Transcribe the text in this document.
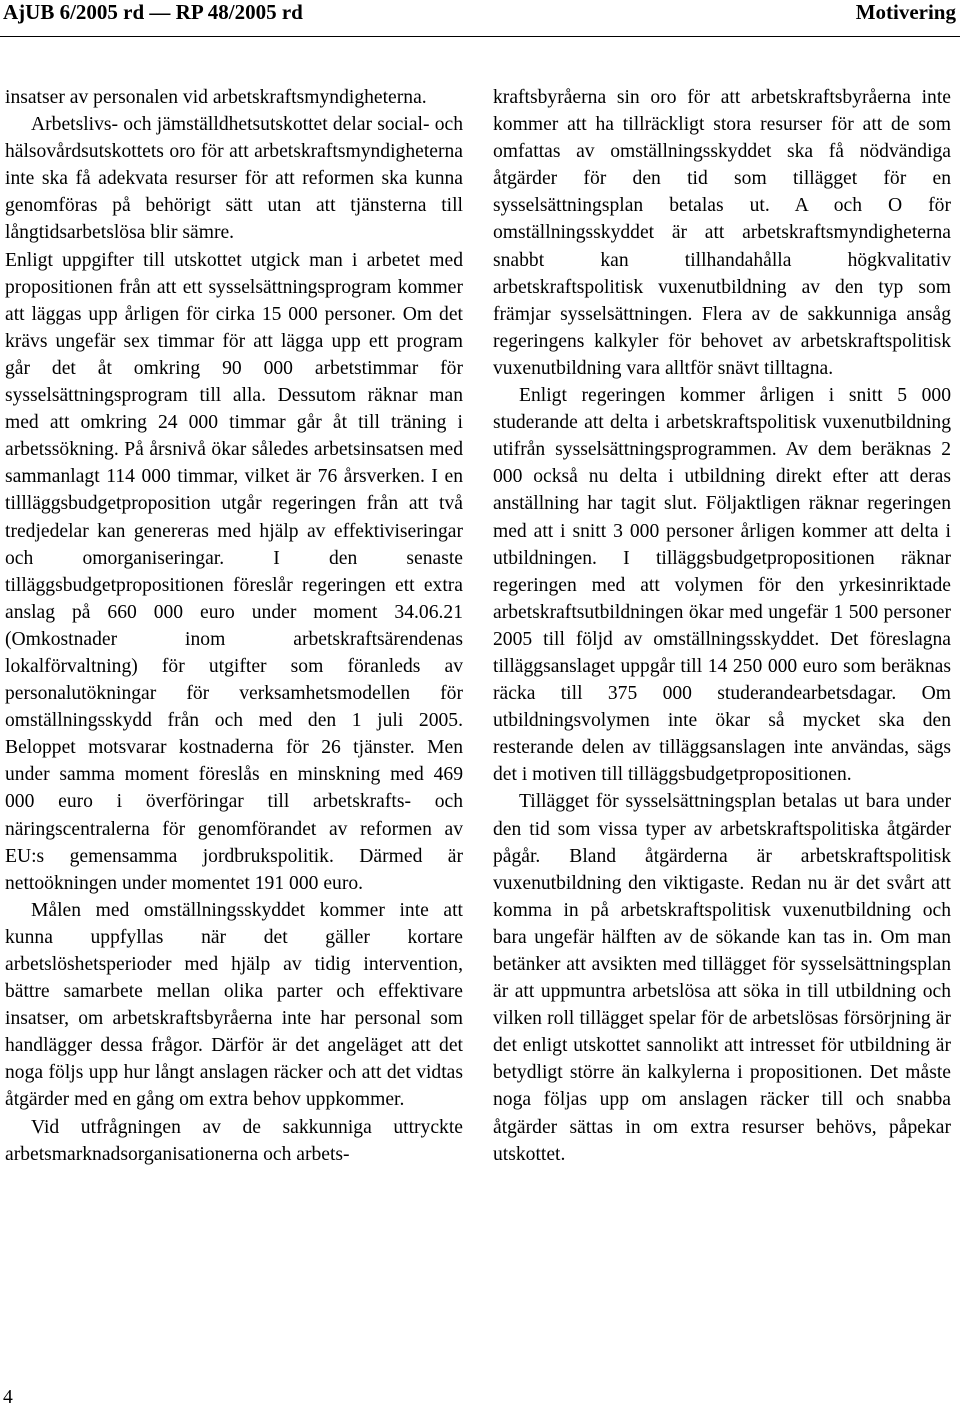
AjUB 6/2005 rd — RP 48/2005 rd	Motivering

insatser av personalen vid arbetskraftsmyndigheterna.

Arbetslivs- och jämställdhetsutskottet delar social- och hälsovårdsutskottets oro för att arbetskraftsmyndigheterna inte ska få adekvata resurser för att reformen ska kunna genomföras på behörigt sätt utan att tjänsterna till långtidsarbetslösa blir sämre.

Enligt uppgifter till utskottet utgick man i arbetet med propositionen från att ett sysselsättningsprogram kommer att läggas upp årligen för cirka 15 000 personer. Om det krävs ungefär sex timmar för att lägga upp ett program går det åt omkring 90 000 arbetstimmar för sysselsättningsprogram till alla. Dessutom räknar man med att omkring 24 000 timmar går åt till träning i arbetssökning. På årsnivå ökar således arbetsinsatsen med sammanlagt 114 000 timmar, vilket är 76 årsverken. I en tillläggsbudgetproposition utgår regeringen från att två tredjedelar kan genereras med hjälp av effektiviseringar och omorganiseringar. I den senaste tilläggsbudgetpropositionen föreslår regeringen ett extra anslag på 660 000 euro under moment 34.06.21 (Omkostnader inom arbetskraftsärendenas lokalförvaltning) för utgifter som föranleds av personalutökningar för verksamhetsmodellen för omställningsskydd från och med den 1 juli 2005. Beloppet motsvarar kostnaderna för 26 tjänster. Men under samma moment föreslås en minskning med 469 000 euro i överföringar till arbetskrafts- och näringscentralerna för genomförandet av reformen av EU:s gemensamma jordbrukspolitik. Därmed är nettoökningen under momentet 191 000 euro.

Målen med omställningsskyddet kommer inte att kunna uppfyllas när det gäller kortare arbetslöshetsperioder med hjälp av tidig intervention, bättre samarbete mellan olika parter och effektivare insatser, om arbetskraftsbyråerna inte har personal som handlägger dessa frågor. Därför är det angeläget att det noga följs upp hur långt anslagen räcker och att det vidtas åtgärder med en gång om extra behov uppkommer.

Vid utfrågningen av de sakkunniga uttryckte arbetsmarknadsorganisationerna och arbets-

kraftsbyråerna sin oro för att arbetskraftsbyråerna inte kommer att ha tillräckligt stora resurser för att de som omfattas av omställningsskyddet ska få nödvändiga åtgärder för den tid som tillägget för en sysselsättningsplan betalas ut. A och O för omställningsskyddet är att arbetskraftsmyndigheterna snabbt kan tillhandahålla högkvalitativ arbetskraftspolitisk vuxenutbildning av den typ som främjar sysselsättningen. Flera av de sakkunniga ansåg regeringens kalkyler för behovet av arbetskraftspolitisk vuxenutbildning vara alltför snävt tilltagna.

Enligt regeringen kommer årligen i snitt 5 000 studerande att delta i arbetskraftspolitisk vuxenutbildning utifrån sysselsättningsprogrammen. Av dem beräknas 2 000 också nu delta i utbildning direkt efter att deras anställning har tagit slut. Följaktligen räknar regeringen med att i snitt 3 000 personer årligen kommer att delta i utbildningen. I tilläggsbudgetpropositionen räknar regeringen med att volymen för den yrkesinriktade arbetskraftsutbildningen ökar med ungefär 1 500 personer 2005 till följd av omställningsskyddet. Det föreslagna tilläggsanslaget uppgår till 14 250 000 euro som beräknas räcka till 375 000 studerandearbetsdagar. Om utbildningsvolymen inte ökar så mycket ska den resterande delen av tilläggsanslagen inte användas, sägs det i motiven till tilläggsbudgetpropositionen.

Tillägget för sysselsättningsplan betalas ut bara under den tid som vissa typer av arbetskraftspolitiska åtgärder pågår. Bland åtgärderna är arbetskraftspolitisk vuxenutbildning den viktigaste. Redan nu är det svårt att komma in på arbetskraftspolitisk vuxenutbildning och bara ungefär hälften av de sökande kan tas in. Om man betänker att avsikten med tillägget för sysselsättningsplan är att uppmuntra arbetslösa att söka in till utbildning och vilken roll tillägget spelar för de arbetslösas försörjning är det enligt utskottet sannolikt att intresset för utbildning är betydligt större än kalkylerna i propositionen. Det måste noga följas upp om anslagen räcker till och snabba åtgärder sättas in om extra resurser behövs, påpekar utskottet.

4
